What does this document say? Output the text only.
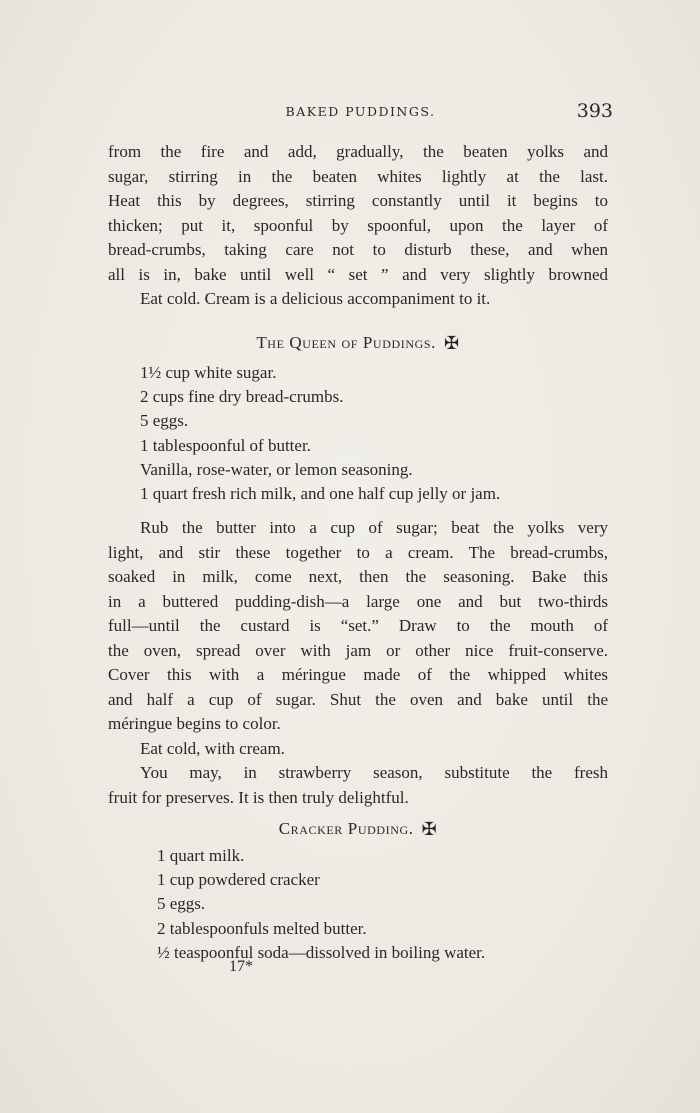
BAKED PUDDINGS.	393
from the fire and add, gradually, the beaten yolks and
sugar, stirring in the beaten whites lightly at the last.
Heat this by degrees, stirring constantly until it begins to
thicken; put it, spoonful by spoonful, upon the layer of
bread-crumbs, taking care not to disturb these, and when
all is in, bake until well “ set ” and very slightly browned
Eat cold. Cream is a delicious accompaniment to it.
The Queen of Puddings. ✠
1½ cup white sugar.
2 cups fine dry bread-crumbs.
5 eggs.
1 tablespoonful of butter.
Vanilla, rose-water, or lemon seasoning.
1 quart fresh rich milk, and one half cup jelly or jam.
Rub the butter into a cup of sugar; beat the yolks very
light, and stir these together to a cream. The bread-crumbs,
soaked in milk, come next, then the seasoning. Bake this
in a buttered pudding-dish—a large one and but two-thirds
full—until the custard is “set.” Draw to the mouth of
the oven, spread over with jam or other nice fruit-conserve.
Cover this with a méringue made of the whipped whites
and half a cup of sugar. Shut the oven and bake until the
méringue begins to color.
Eat cold, with cream.
You may, in strawberry season, substitute the fresh
fruit for preserves. It is then truly delightful.
Cracker Pudding. ✠
1 quart milk.
1 cup powdered cracker
5 eggs.
2 tablespoonfuls melted butter.
½ teaspoonful soda—dissolved in boiling water.
17*
